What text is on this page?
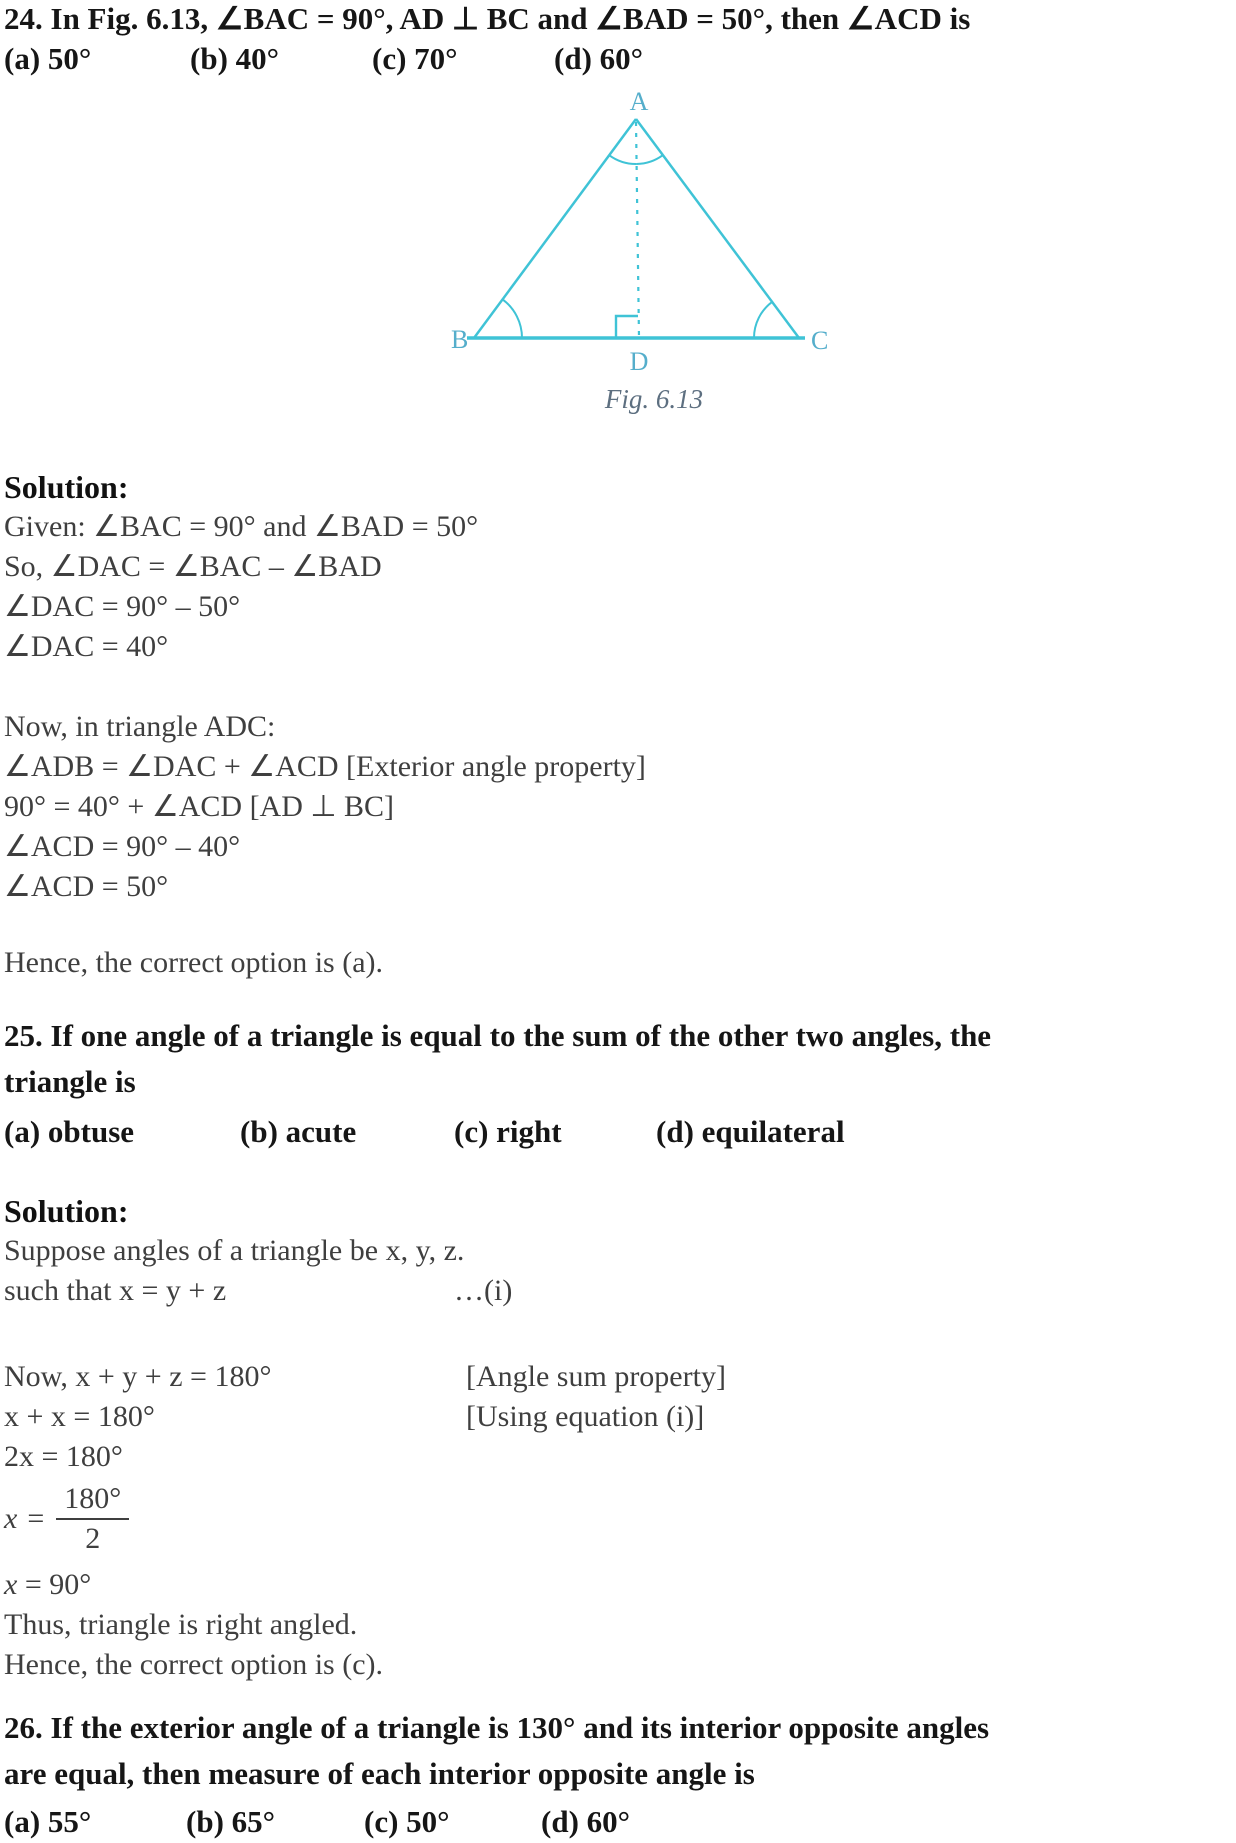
24. In Fig. 6.13, ∠BAC = 90°, AD ⊥ BC and ∠BAD = 50°, then ∠ACD is
(a) 50°	(b) 40°	(c) 70°	(d) 60°
A
B	C
D
Fig. 6.13
Solution:
Given: ∠BAC = 90° and ∠BAD = 50°
So, ∠DAC = ∠BAC – ∠BAD
∠DAC = 90° – 50°
∠DAC = 40°
Now, in triangle ADC:
∠ADB = ∠DAC + ∠ACD [Exterior angle property]
90° = 40° + ∠ACD [AD ⊥ BC]
∠ACD = 90° – 40°
∠ACD = 50°
Hence, the correct option is (a).
25. If one angle of a triangle is equal to the sum of the other two angles, the
triangle is
(a) obtuse	(b) acute	(c) right	(d) equilateral
Solution:
Suppose angles of a triangle be x, y, z.
such that x = y + z	…(i)
Now, x + y + z = 180°	[Angle sum property]
x + x = 180°	[Using equation (i)]
2x = 180°
$x = \frac{180^\circ}{2}$
x = 90°
Thus, triangle is right angled.
Hence, the correct option is (c).
26. If the exterior angle of a triangle is 130° and its interior opposite angles
are equal, then measure of each interior opposite angle is
(a) 55°	(b) 65°	(c) 50°	(d) 60°
